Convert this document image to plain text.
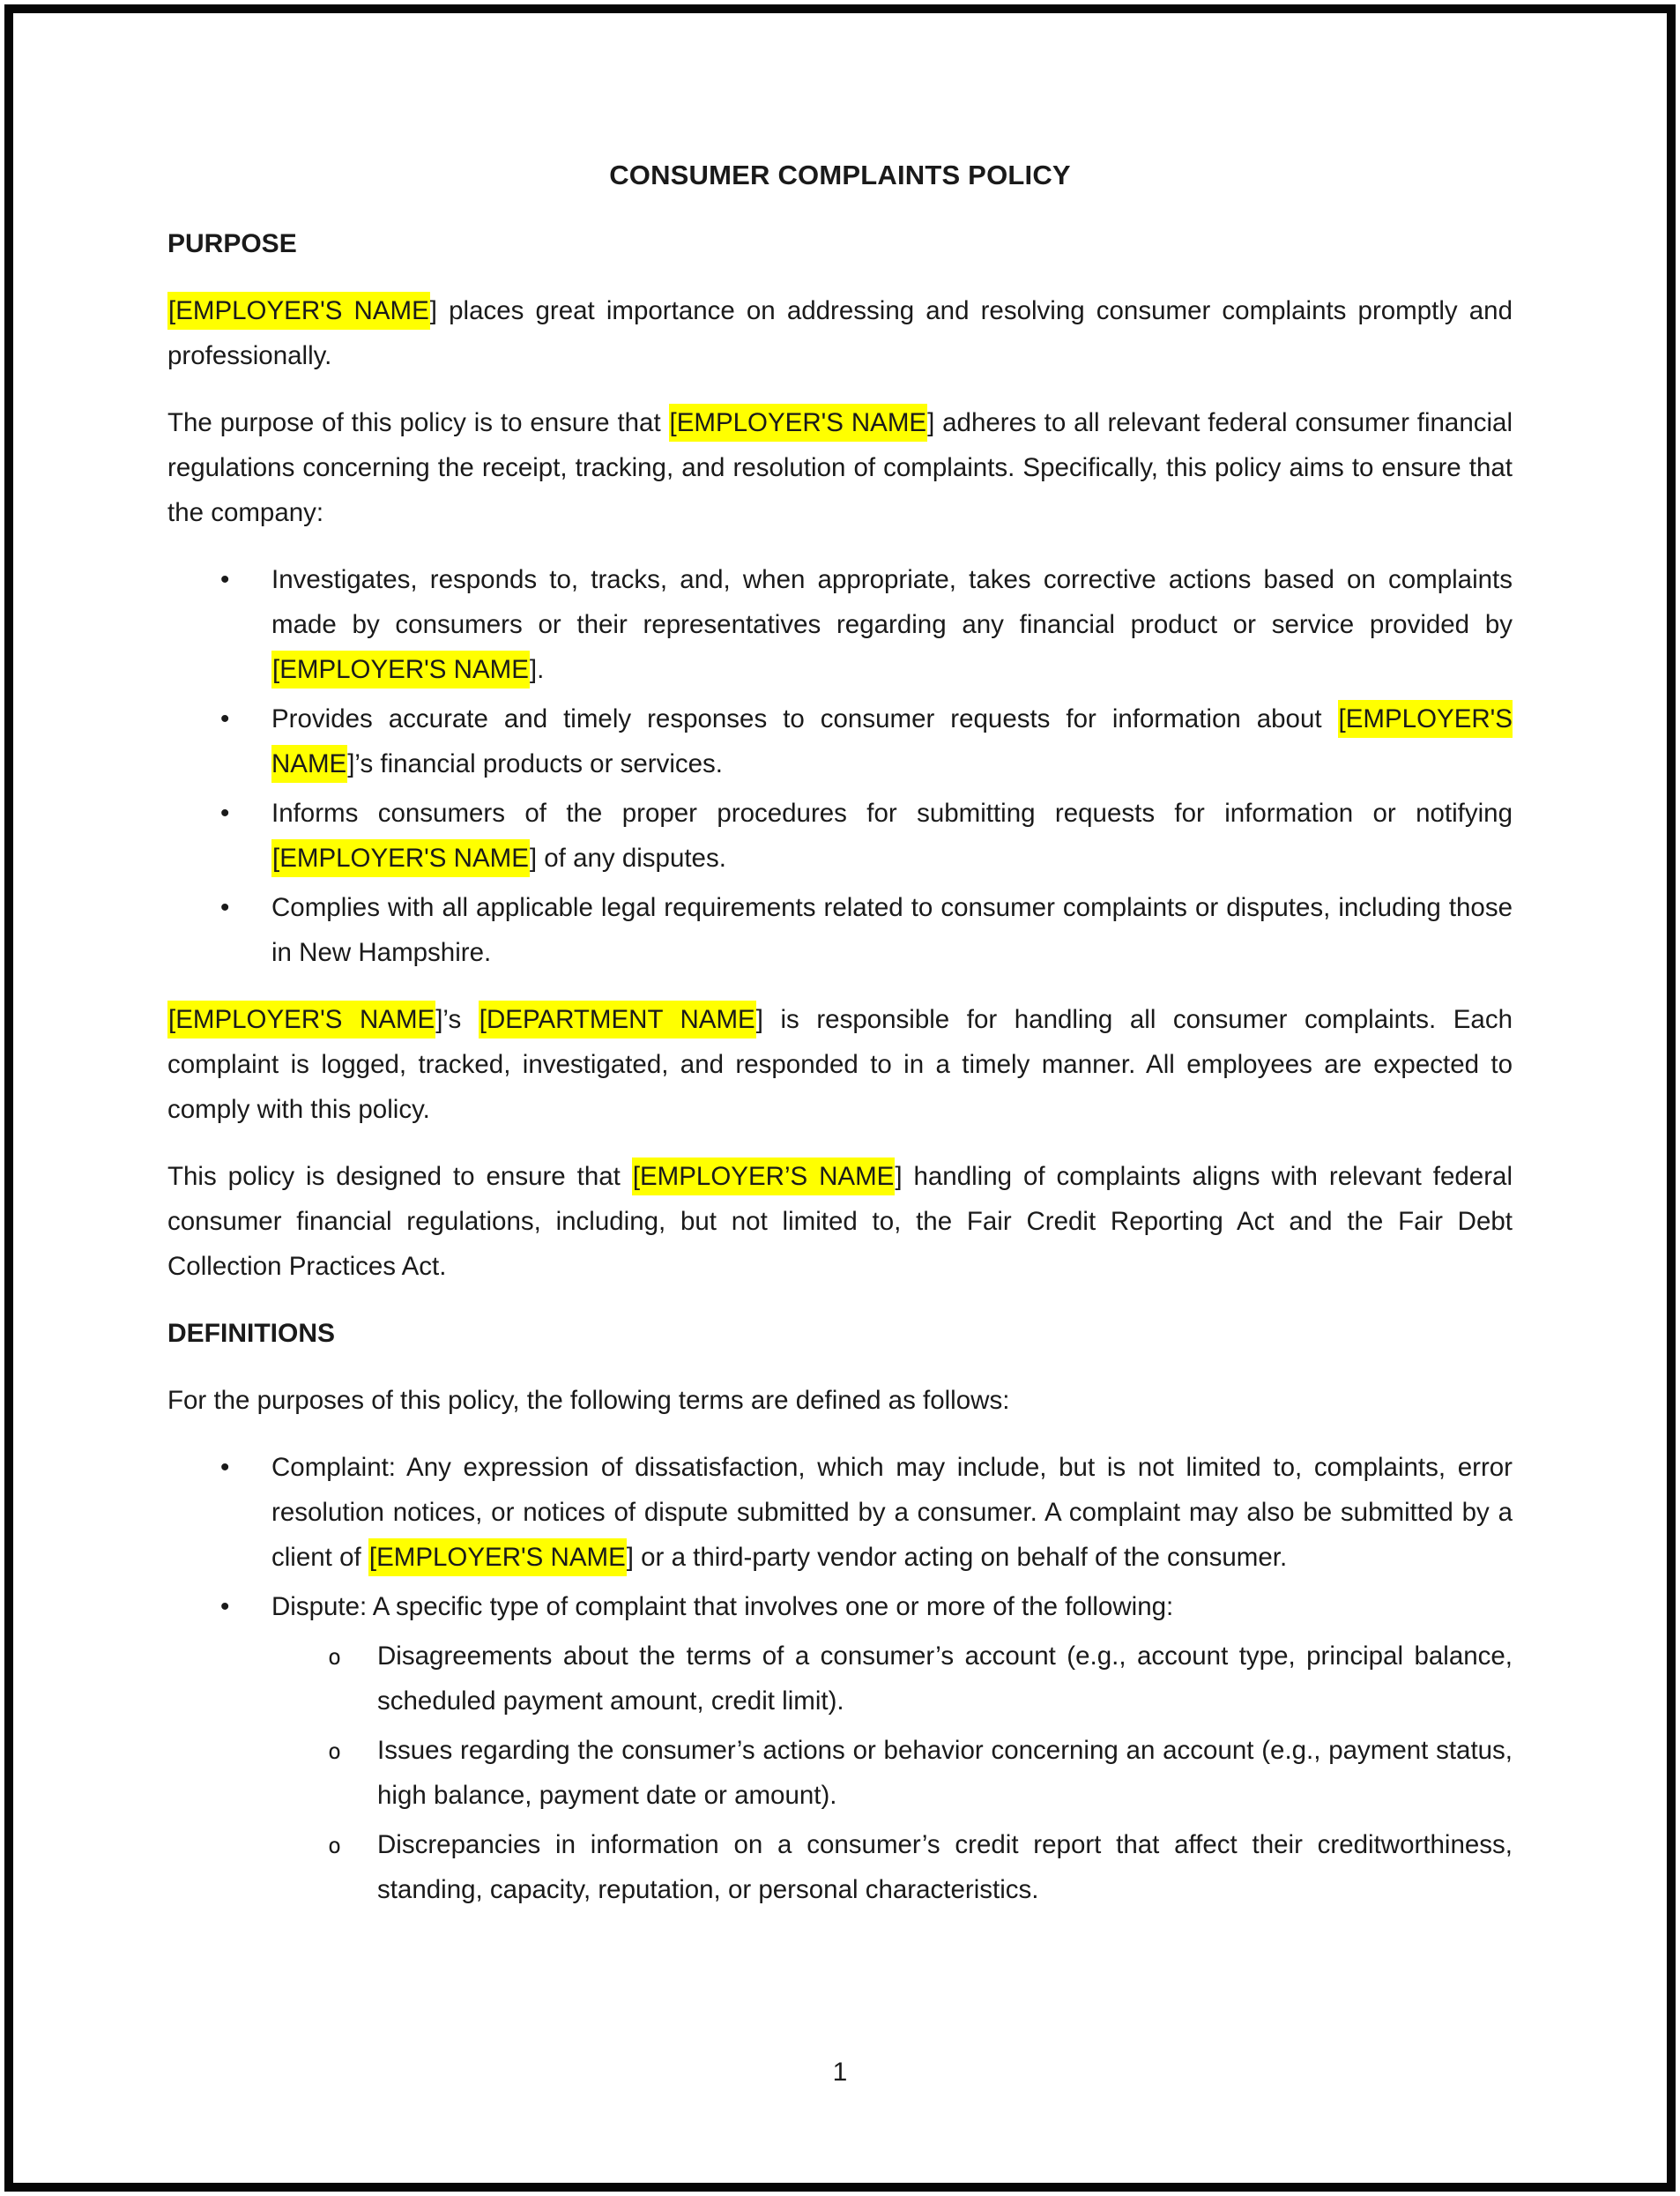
CONSUMER COMPLAINTS POLICY
PURPOSE

[EMPLOYER'S NAME] places great importance on addressing and resolving consumer complaints promptly and professionally.

The purpose of this policy is to ensure that [EMPLOYER'S NAME] adheres to all relevant federal consumer financial regulations concerning the receipt, tracking, and resolution of complaints. Specifically, this policy aims to ensure that the company:

• Investigates, responds to, tracks, and, when appropriate, takes corrective actions based on complaints made by consumers or their representatives regarding any financial product or service provided by [EMPLOYER'S NAME].
• Provides accurate and timely responses to consumer requests for information about [EMPLOYER'S NAME]’s financial products or services.
• Informs consumers of the proper procedures for submitting requests for information or notifying [EMPLOYER'S NAME] of any disputes.
• Complies with all applicable legal requirements related to consumer complaints or disputes, including those in New Hampshire.

[EMPLOYER'S NAME]’s [DEPARTMENT NAME] is responsible for handling all consumer complaints. Each complaint is logged, tracked, investigated, and responded to in a timely manner. All employees are expected to comply with this policy.

This policy is designed to ensure that [EMPLOYER’S NAME] handling of complaints aligns with relevant federal consumer financial regulations, including, but not limited to, the Fair Credit Reporting Act and the Fair Debt Collection Practices Act.

DEFINITIONS

For the purposes of this policy, the following terms are defined as follows:

• Complaint: Any expression of dissatisfaction, which may include, but is not limited to, complaints, error resolution notices, or notices of dispute submitted by a consumer. A complaint may also be submitted by a client of [EMPLOYER'S NAME] or a third-party vendor acting on behalf of the consumer.
• Dispute: A specific type of complaint that involves one or more of the following:
o Disagreements about the terms of a consumer’s account (e.g., account type, principal balance, scheduled payment amount, credit limit).
o Issues regarding the consumer’s actions or behavior concerning an account (e.g., payment status, high balance, payment date or amount).
o Discrepancies in information on a consumer’s credit report that affect their creditworthiness, standing, capacity, reputation, or personal characteristics.
1
